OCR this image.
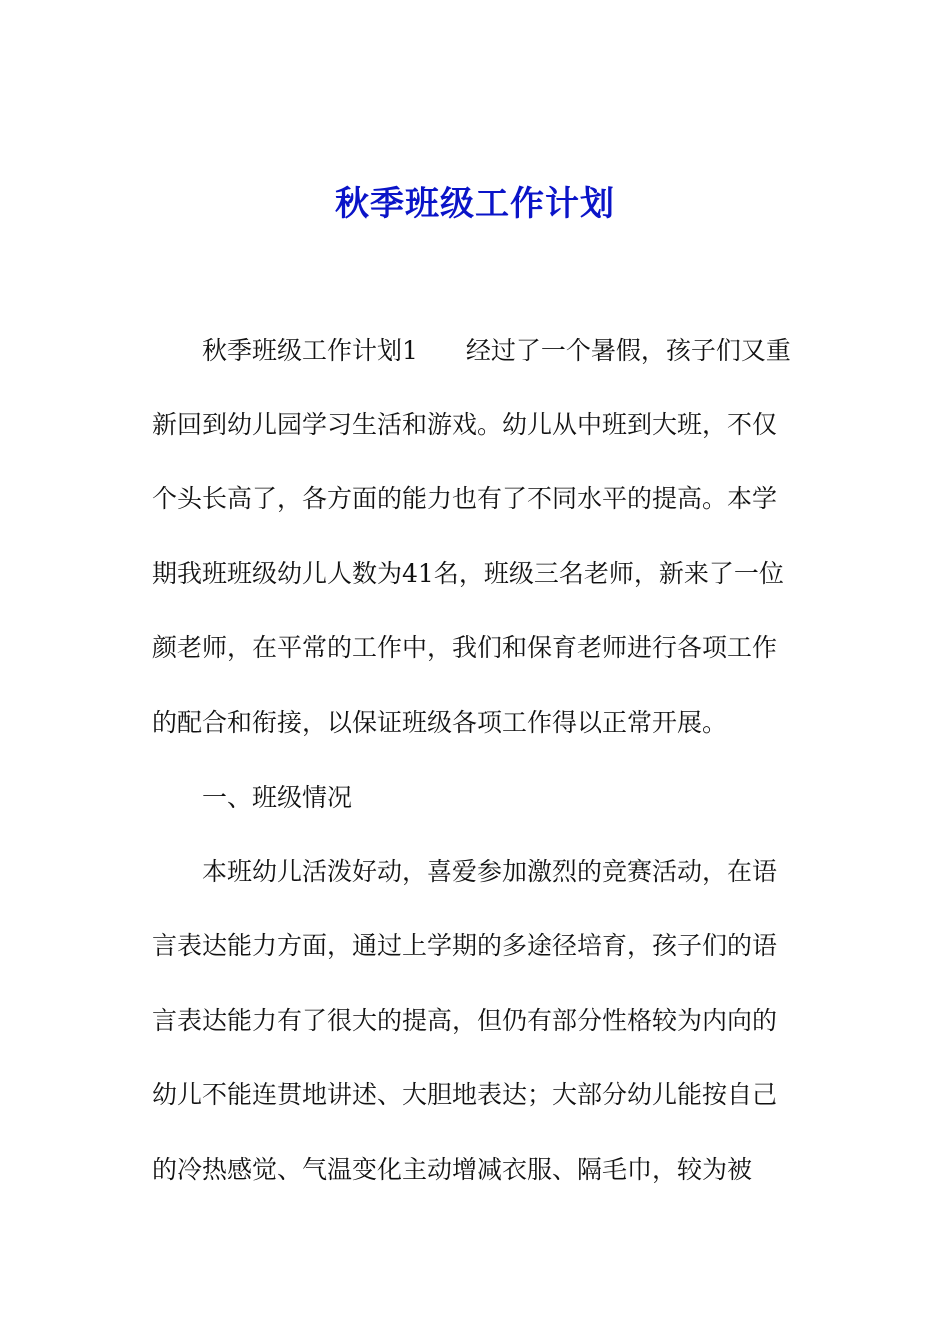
秋季班级工作计划

秋季班级工作计划1 经过了一个暑假，孩子们又重

新回到幼儿园学习生活和游戏。幼儿从中班到大班，不仅

个头长高了，各方面的能力也有了不同水平的提高。本学

期我班班级幼儿人数为41名，班级三名老师，新来了一位

颜老师，在平常的工作中，我们和保育老师进行各项工作

的配合和衔接，以保证班级各项工作得以正常开展。

一、班级情况

本班幼儿活泼好动，喜爱参加激烈的竞赛活动，在语

言表达能力方面，通过上学期的多途径培育，孩子们的语

言表达能力有了很大的提高，但仍有部分性格较为内向的

幼儿不能连贯地讲述、大胆地表达；大部分幼儿能按自己

的冷热感觉、气温变化主动增减衣服、隔毛巾，较为被
